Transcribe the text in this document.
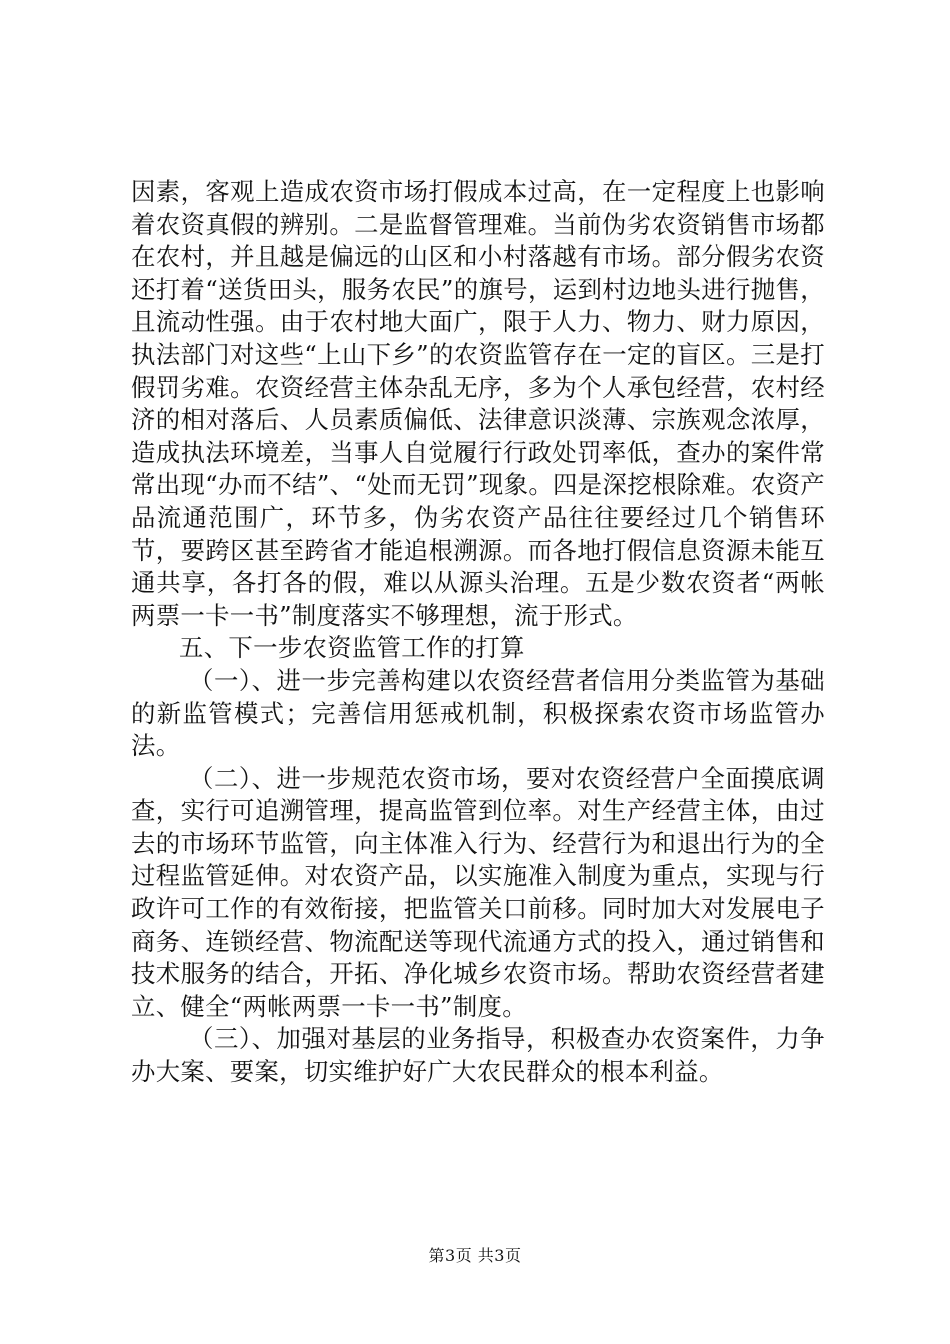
因素，客观上造成农资市场打假成本过高，在一定程度上也影响着农资真假的辨别。二是监督管理难。当前伪劣农资销售市场都在农村，并且越是偏远的山区和小村落越有市场。部分假劣农资还打着“送货田头，服务农民”的旗号，运到村边地头进行抛售，且流动性强。由于农村地大面广，限于人力、物力、财力原因，执法部门对这些“上山下乡”的农资监管存在一定的盲区。三是打假罚劣难。农资经营主体杂乱无序，多为个人承包经营，农村经济的相对落后、人员素质偏低、法律意识淡薄、宗族观念浓厚，造成执法环境差，当事人自觉履行行政处罚率低，查办的案件常常出现“办而不结”、“处而无罚”现象。四是深挖根除难。农资产品流通范围广，环节多，伪劣农资产品往往要经过几个销售环节，要跨区甚至跨省才能追根溯源。而各地打假信息资源未能互通共享，各打各的假，难以从源头治理。五是少数农资者“两帐两票一卡一书”制度落实不够理想，流于形式。

五、下一步农资监管工作的打算

（一）、进一步完善构建以农资经营者信用分类监管为基础的新监管模式；完善信用惩戒机制，积极探索农资市场监管办法。

（二）、进一步规范农资市场，要对农资经营户全面摸底调查，实行可追溯管理，提高监管到位率。对生产经营主体，由过去的市场环节监管，向主体准入行为、经营行为和退出行为的全过程监管延伸。对农资产品，以实施准入制度为重点，实现与行政许可工作的有效衔接，把监管关口前移。同时加大对发展电子商务、连锁经营、物流配送等现代流通方式的投入，通过销售和技术服务的结合，开拓、净化城乡农资市场。帮助农资经营者建立、健全“两帐两票一卡一书”制度。

（三）、加强对基层的业务指导，积极查办农资案件，力争办大案、要案，切实维护好广大农民群众的根本利益。

第3页 共3页
